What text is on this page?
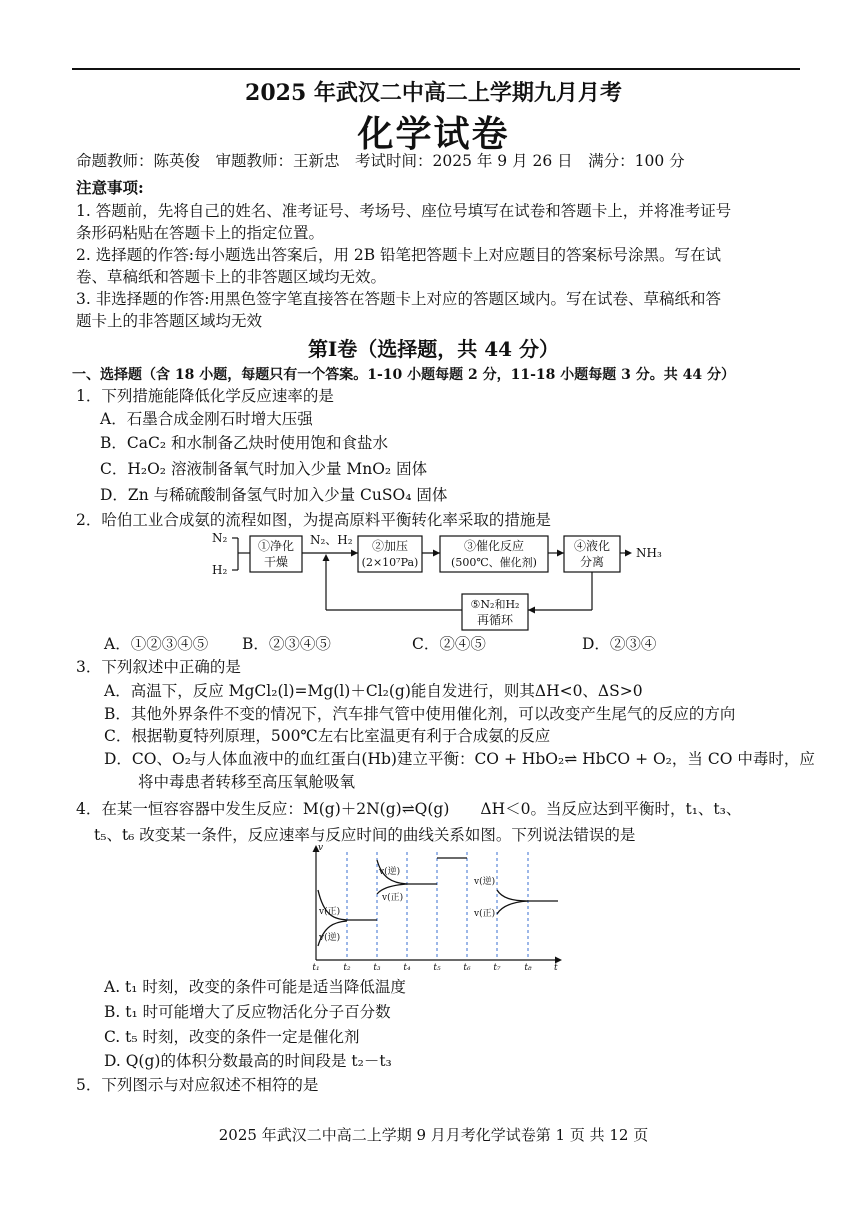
2025 年武汉二中高二上学期九月月考
化学试卷
命题教师：陈英俊　审题教师：王新忠　考试时间：2025 年 9 月 26 日　满分：100 分
注意事项:
1. 答题前，先将自己的姓名、准考证号、考场号、座位号填写在试卷和答题卡上，并将准考证号
条形码粘贴在答题卡上的指定位置。
2. 选择题的作答:每小题选出答案后，用 2B 铅笔把答题卡上对应题目的答案标号涂黑。写在试
卷、草稿纸和答题卡上的非答题区域均无效。
3. 非选择题的作答:用黑色签字笔直接答在答题卡上对应的答题区域内。写在试卷、草稿纸和答
题卡上的非答题区域均无效
第Ⅰ卷（选择题，共 44 分）
一、选择题（含 18 小题，每题只有一个答案。1-10 小题每题 2 分，11-18 小题每题 3 分。共 44 分）
1．下列措施能降低化学反应速率的是
A．石墨合成金刚石时增大压强
B．CaC₂ 和水制备乙炔时使用饱和食盐水
C．H₂O₂ 溶液制备氧气时加入少量 MnO₂ 固体
D．Zn 与稀硫酸制备氢气时加入少量 CuSO₄ 固体
2．哈伯工业合成氨的流程如图，为提高原料平衡转化率采取的措施是
N₂
H₂
①净化
干燥
N₂、H₂ ②加压
(2×10⁷Pa)
③催化反应
(500℃、催化剂)
④液化
分离
NH₃
⑤N₂和H₂
再循环
A．①②③④⑤ B．②③④⑤	C．②④⑤	D．②③④
3．下列叙述中正确的是
A．高温下，反应 MgCl₂(l)=Mg(l)＋Cl₂(g)能自发进行，则其ΔH<0、ΔS>0
B．其他外界条件不变的情况下，汽车排气管中使用催化剂，可以改变产生尾气的反应的方向
C．根据勒夏特列原理，500℃左右比室温更有利于合成氨的反应
D．CO、O₂与人体血液中的血红蛋白(Hb)建立平衡：CO + HbO₂⇌ HbCO + O₂，当 CO 中毒时，应
将中毒患者转移至高压氧舱吸氧
4．在某一恒容容器中发生反应：M(g)＋2N(g)⇌Q(g)　　ΔH＜0。当反应达到平衡时，t₁、t₃、
t₅、t₆ 改变某一条件，反应速率与反应时间的曲线关系如图。下列说法错误的是
v
t
v(正)
v(逆)
v(逆)
v(正)
v(逆)
v(正)
t₁	t₂	t₃	t₄	t₅	t₆	t₇	t₈
A. t₁ 时刻，改变的条件可能是适当降低温度
B. t₁ 时可能增大了反应物活化分子百分数
C. t₅ 时刻，改变的条件一定是催化剂
D. Q(g)的体积分数最高的时间段是 t₂－t₃
5．下列图示与对应叙述不相符的是
2025 年武汉二中高二上学期 9 月月考化学试卷第 1 页 共 12 页
